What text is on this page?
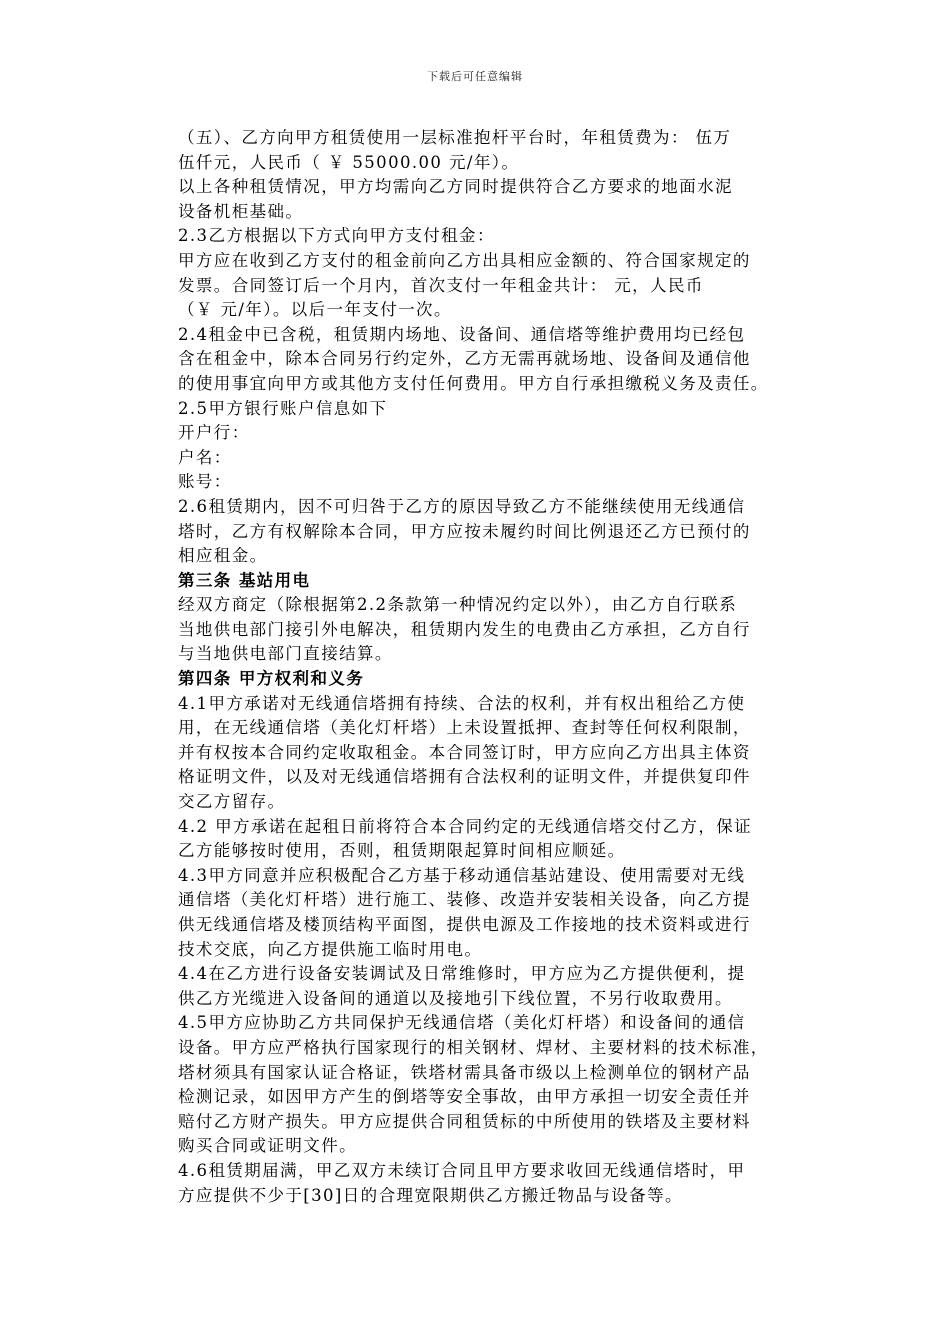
下载后可任意编辑
（五）、乙方向甲方租赁使用一层标准抱杆平台时，年租赁费为： 伍万
伍仟元，人民币（ ￥ 55000.00 元/年）。
以上各种租赁情况，甲方均需向乙方同时提供符合乙方要求的地面水泥
设备机柜基础。
2.3乙方根据以下方式向甲方支付租金：
甲方应在收到乙方支付的租金前向乙方出具相应金额的、符合国家规定的
发票。合同签订后一个月内，首次支付一年租金共计： 元，人民币
（￥ 元/年）。以后一年支付一次。
2.4租金中已含税，租赁期内场地、设备间、通信塔等维护费用均已经包
含在租金中，除本合同另行约定外，乙方无需再就场地、设备间及通信他
的使用事宜向甲方或其他方支付任何费用。甲方自行承担缴税义务及责任。
2.5甲方银行账户信息如下
开户行：
户名：
账号：
2.6租赁期内，因不可归咎于乙方的原因导致乙方不能继续使用无线通信
塔时，乙方有权解除本合同，甲方应按未履约时间比例退还乙方已预付的
相应租金。
第三条 基站用电
经双方商定（除根据第2.2条款第一种情况约定以外），由乙方自行联系
当地供电部门接引外电解决，租赁期内发生的电费由乙方承担，乙方自行
与当地供电部门直接结算。
第四条 甲方权利和义务
4.1甲方承诺对无线通信塔拥有持续、合法的权利，并有权出租给乙方使
用，在无线通信塔（美化灯杆塔）上未设置抵押、查封等任何权利限制，
并有权按本合同约定收取租金。本合同签订时，甲方应向乙方出具主体资
格证明文件，以及对无线通信塔拥有合法权利的证明文件，并提供复印件
交乙方留存。
4.2 甲方承诺在起租日前将符合本合同约定的无线通信塔交付乙方，保证
乙方能够按时使用，否则，租赁期限起算时间相应顺延。
4.3甲方同意并应积极配合乙方基于移动通信基站建设、使用需要对无线
通信塔（美化灯杆塔）进行施工、装修、改造并安装相关设备，向乙方提
供无线通信塔及楼顶结构平面图，提供电源及工作接地的技术资料或进行
技术交底，向乙方提供施工临时用电。
4.4在乙方进行设备安装调试及日常维修时，甲方应为乙方提供便利，提
供乙方光缆进入设备间的通道以及接地引下线位置，不另行收取费用。
4.5甲方应协助乙方共同保护无线通信塔（美化灯杆塔）和设备间的通信
设备。甲方应严格执行国家现行的相关钢材、焊材、主要材料的技术标准，
塔材须具有国家认证合格证，铁塔材需具备市级以上检测单位的钢材产品
检测记录，如因甲方产生的倒塔等安全事故，由甲方承担一切安全责任并
赔付乙方财产损失。甲方应提供合同租赁标的中所使用的铁塔及主要材料
购买合同或证明文件。
4.6租赁期届满，甲乙双方未续订合同且甲方要求收回无线通信塔时，甲
方应提供不少于[30]日的合理宽限期供乙方搬迁物品与设备等。
